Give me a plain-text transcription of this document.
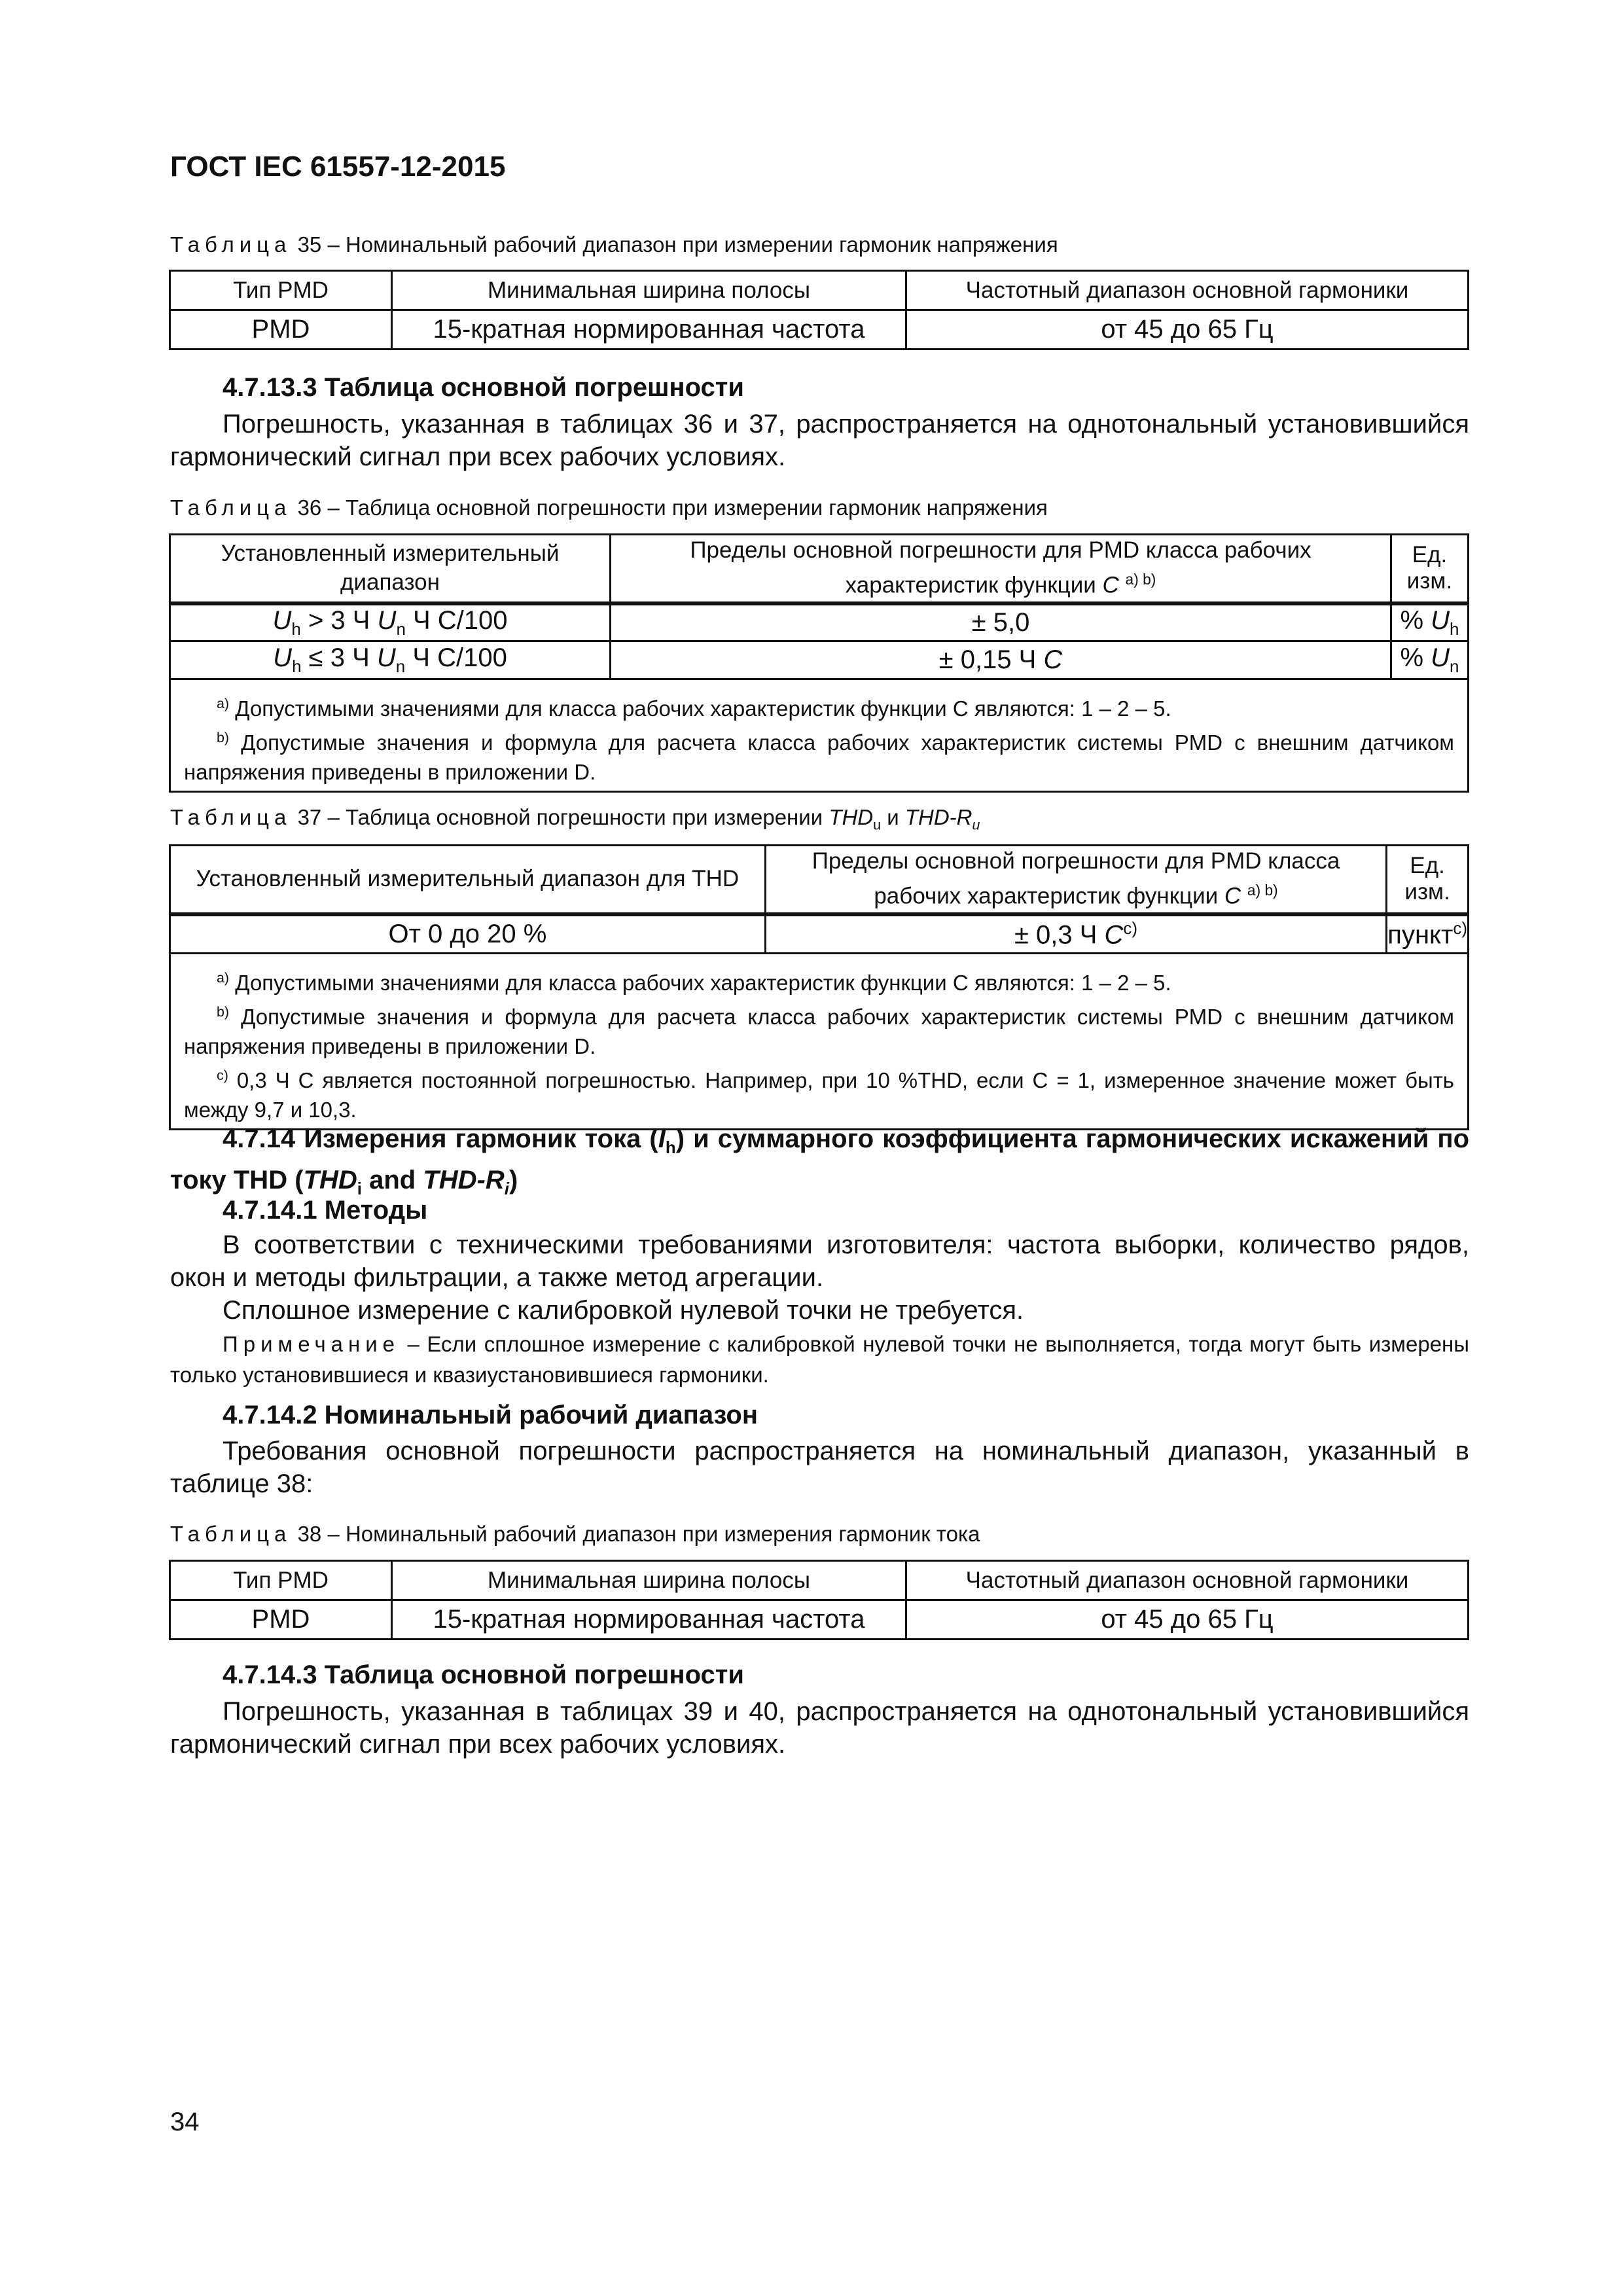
ГОСТ IEC 61557-12-2015
Таблица 35 – Номинальный рабочий диапазон при измерении гармоник напряжения
Тип PMD	Минимальная ширина полосы	Частотный диапазон основной гармоники
PMD	15-кратная нормированная частота	от 45 до 65 Гц
4.7.13.3 Таблица основной погрешности
Погрешность, указанная в таблицах 36 и 37, распространяется на однотональный установившийся гармонический сигнал при всех рабочих условиях.
Таблица 36 – Таблица основной погрешности при измерении гармоник напряжения
Установленный измерительный диапазон	Пределы основной погрешности для PMD класса рабочих характеристик функции C $^{a) b)}$	Ед. изм.
$U_h > 3$ Ч $U_n$ Ч C/100	± 5,0	% $U_h$
$U_h \le 3$ Ч $U_n$ Ч C/100	± 0,15 Ч C	% $U_n$

$^{a)}$ Допустимыми значениями для класса рабочих характеристик функции C являются: 1 – 2 – 5.
$^{b)}$ Допустимые значения и формула для расчета класса рабочих характеристик системы PMD с внешним датчиком напряжения приведены в приложении D.		
Таблица 37 – Таблица основной погрешности при измерении $THD_u$ и THD-$R_u$
Установленный измерительный диапазон для THD	Пределы основной погрешности для PMD класса рабочих характеристик функции C $^{a) b)}$	Ед. изм.
От 0 до 20 %	± 0,3 Ч $C^{c)}$	пункт$^{c)}$

$^{a)}$ Допустимыми значениями для класса рабочих характеристик функции C являются: 1 – 2 – 5.
$^{b)}$ Допустимые значения и формула для расчета класса рабочих характеристик системы PMD с внешним датчиком напряжения приведены в приложении D.
$^{c)}$ 0,3 Ч C является постоянной погрешностью. Например, при 10 %THD, если C = 1, измеренное значение может быть между 9,7 и 10,3.		
4.7.14 Измерения гармоник тока $(I_h)$ и суммарного коэффициента гармонических искажений по току THD ($THD_i$ and THD-$R_i$)
4.7.14.1 Методы
В соответствии с техническими требованиями изготовителя: частота выборки, количество рядов, окон и методы фильтрации, а также метод агрегации.
Сплошное измерение с калибровкой нулевой точки не требуется.
Примечание – Если сплошное измерение с калибровкой нулевой точки не выполняется, тогда могут быть измерены только установившиеся и квазиустановившиеся гармоники.
4.7.14.2 Номинальный рабочий диапазон
Требования основной погрешности распространяется на номинальный диапазон, указанный в таблице 38:
Таблица 38 – Номинальный рабочий диапазон при измерения гармоник тока
Тип PMD	Минимальная ширина полосы	Частотный диапазон основной гармоники
PMD	15-кратная нормированная частота	от 45 до 65 Гц
4.7.14.3 Таблица основной погрешности
Погрешность, указанная в таблицах 39 и 40, распространяется на однотональный установившийся гармонический сигнал при всех рабочих условиях.
34
